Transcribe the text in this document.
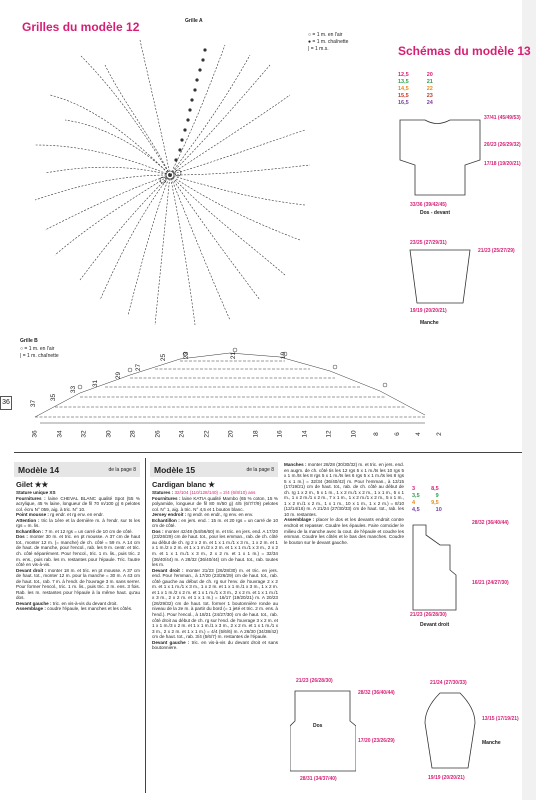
Grilles du modèle 12
Schémas du modèle 13
Grille A
○ = 1 m. en l'air
● = 1 m. chaînette
| = 1 m.s.
Grille B
○ = 1 m. en l'air
| = 1 m. chaînette
36
25 23	21	19
29
27
31
33
35
37
36	34	32	30	28	26	24	22	20	18	16	14	12	10	8	6	4	2
12,5	20
13,5	21
14,5	22
15,5	23
16,5	24
37/41 (45/49/53)
20/23 (26/29/32)
17/18 (19/20/21)
33/36 (39/42/45)
Dos - devant
23/25 (27/29/31)
21/23 (25/27/29)
19/19 (20/20/21)
Manche
Modèle 14	de la page 8
Gilet ★★
Stature unique XS
Fournitures : laine CHEVAL BLANC qualité Spot (55 % acrylique, 45 % laine, longueur de fil 70 m/100 g) 6 pelotes col. écru N° 059, aig. à tric. N° 10.
Point mousse : rg endr. et rg env. en endr.
Attention : tric la 1ère et la dernière m. à l'endr. sur ts les rgs = m. lis.
Echantillon : 7 m. et 12 rgs = un carré de 10 cm de côté.
Dos : monter 30 m. et tric. en pt mousse. A 37 cm de haut tot., monter 12 m. (= manche) de ch. côté = 59 m. A 14 cm de haut. de manche, pour l'encol., rab. les 9 m. centr. et tric. ch. côté séparément. Pour l'encol., tric. 1 m. lis., puis tric. 2 m. ens., puis rab. les m. restantes pour l'épaule. Tric. l'autre côté en vis-à-vis.
Devant droit : monter 18 m. et tric. en pt mousse. A 37 cm de haut. tot., monter 12 m. pour la manche = 30 m. A 43 cm de haut. tot., rab. 7 m. à l'endr. de l'ouvrage 3 m. sans serrer. Pour former l'encol., tric. 1 m. lis., puis tric. 2 m. ens. 3 fois. Rab. les m. restantes pour l'épaule à la même haut. qu'au dos.
Devant gauche : tric. en vis-à-vis du devant droit.
Assemblage : coudre l'épaule, les manches et les côtés.
Modèle 15	de la page 8
Cardigan blanc ★
Statures : 32/104 (110/128/140) = 2/4 (6/8/10) ans
Fournitures : laine KATIA qualité Mambo (65 % coton, 15 % polyamide, longueur de fil 80 m/50 g) 4/5 (6/7/7/9) pelotes col. N° 1, aig. à tric. N° 4,5 et 1 bouton blanc.
Jersey endroit : rg endr. en endr., rg env. en env.
Echantillon : en jers. end. : 15 m. et 20 rgs = un carré de 10 cm de côté.
Dos : monter 42/48 (54/56/60) m. et tric. en jers. end. A 17/20 (23/26/29) cm de haut. tot., pour les emman., rab. de ch. côté au début de ch. rg 2 x 2 m. et 1 x 1 m./1 x 3 m., 1 x 2 m. et 1 x 1 m./2 x 2 m. et 1 x 1 m./2 x 2 m. et 1 x 1 m./1 x 3 m., 2 x 2 m. et 1 x 1 m./1 x 3 m., 2 x 2 m. et 1 x 1 m.) = 32/34 (36/40/44) m. A 28/32 (36/40/44) cm de haut. tot., rab. toutes les m.
Devant droit : monter 21/23 (26/28/30) m. et tric. en jers. end. Pour l'emman., à 17/20 (23/26/29) cm de haut. tot., rab. côté gauche au début de ch. rg sur l'env. de l'ouvrage 2 x 2 m. et 1 x 1 m./1 x 3 m., 1 x 2 m. et 1 x 1 m./1 x 3 m., 1 x 2 m. et 1 x 1 m./2 x 2 m. et 1 x 1 m./1 x 3 m., 2 x 2 m. et 1 x 1 m./1 x 3 m., 2 x 2 m. et 1 x 1 m.) = 16/17 (19/20/21) m. A 20/23 (26/29/32) cm de haut. tot. former 1 boutonnière ronde au niveau de la 2e m. à partir du bord (= 1 jeté et tric. 2 m. ens. à l'end.). Pour l'encol., à 18/21 (24/27/30) cm de haut. tot., rab. côté droit au début de ch. rg sur l'end. de l'ouvrage 3 x 2 m. et 1 x 1 m./3 x 2 m. et 1 x 1 m./1 x 3 m., 2 x 2 m. et 1 x 1 m./1 x 3 m., 2 x 2 m. et 1 x 1 m.) = 4/4 (5/6/6) m. A 26/30 (34/38/42) cm de haut. tot., rab. 3/4 (5/6/7) m. restantes de l'épaule.
Devant gauche : tric. en vis-à-vis du devant droit et sans boutonnière.
Manches : monter 28/28 (30/30/32) m. et tric. en jers. end. en augm. de ch. côté tis les 12 rgs 5 x 1 m./ts les 10 rgs 5 x 1 m./ts les 8 rgs 5 x 1 m./ts les 6 rgs 5 x 1 m./ts les 8 rgs 5 x 1 m.) = 32/34 (36/40/42) m. Pour l'emman., à 13/15 (17/19/21) cm de haut. tot., rab. de ch. côté au début de ch. rg 1 x 2 m., 5 x 1 m., 1 x 2 m./1 x 2 m., 1 x 1 m., 5 x 1 m., 1 x 2 m./1 x 2 m., 7 x 1 m., 1 x 2 m./1 x 2 m., 5 x 1 m., 1 x 2 m./1 x 2 m., 1 x 1 m., 10 x 1 m., 1 x 2 m.) = 8/10 (12/14/16) m. A 21/24 (27/30/33) cm de haut. tot., rab. les 10 m. restantes.
Assemblage : placer le dos et les devants endroit contre endroit et repasser. Coudre les épaules. Faire coïncider le milieu de la manche avec la cout. de l'épaule et coudre les emman. Coudre les côtés et le bas des manches. Coudre le bouton sur le devant gauche.
3	8,5
3,5	9
4	9,5
4,5	10
28/32 (36/40/44)
16/21 (24/27/30)
21/23 (26/28/30)
Devant droit
21/23 (26/28/30)
28/32 (36/40/44)
17/20 (23/26/29)
28/31 (34/37/40)
Dos
21/24 (27/30/33)
13/15 (17/19/21)
19/19 (20/20/21)
Manche
